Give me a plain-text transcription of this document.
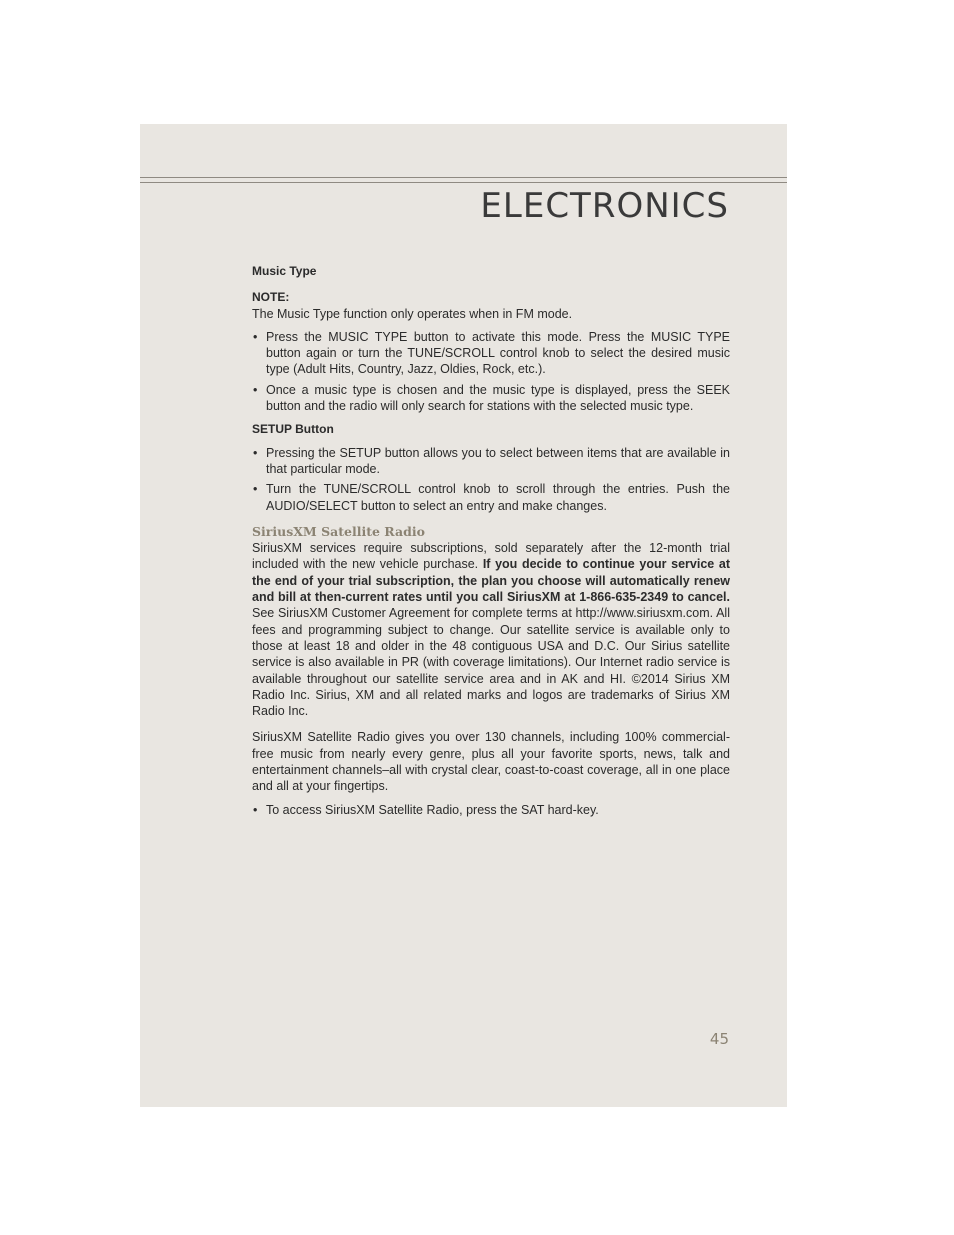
ELECTRONICS

Music Type

NOTE:

The Music Type function only operates when in FM mode.

• Press the MUSIC TYPE button to activate this mode. Press the MUSIC TYPE button again or turn the TUNE/SCROLL control knob to select the desired music type (Adult Hits, Country, Jazz, Oldies, Rock, etc.).
• Once a music type is chosen and the music type is displayed, press the SEEK button and the radio will only search for stations with the selected music type.

SETUP Button

• Pressing the SETUP button allows you to select between items that are available in that particular mode.
• Turn the TUNE/SCROLL control knob to scroll through the entries. Push the AUDIO/SELECT button to select an entry and make changes.

SiriusXM Satellite Radio

SiriusXM services require subscriptions, sold separately after the 12-month trial included with the new vehicle purchase. If you decide to continue your service at the end of your trial subscription, the plan you choose will automatically renew and bill at then-current rates until you call SiriusXM at 1-866-635-2349 to cancel. See SiriusXM Customer Agreement for complete terms at http://www.siriusxm.com. All fees and programming subject to change. Our satellite service is available only to those at least 18 and older in the 48 contiguous USA and D.C. Our Sirius satellite service is also available in PR (with coverage limitations). Our Internet radio service is available throughout our satellite service area and in AK and HI. ©2014 Sirius XM Radio Inc. Sirius, XM and all related marks and logos are trademarks of Sirius XM Radio Inc.

SiriusXM Satellite Radio gives you over 130 channels, including 100% commercial-free music from nearly every genre, plus all your favorite sports, news, talk and entertainment channels–all with crystal clear, coast-to-coast coverage, all in one place and all at your fingertips.

• To access SiriusXM Satellite Radio, press the SAT hard-key.
45
